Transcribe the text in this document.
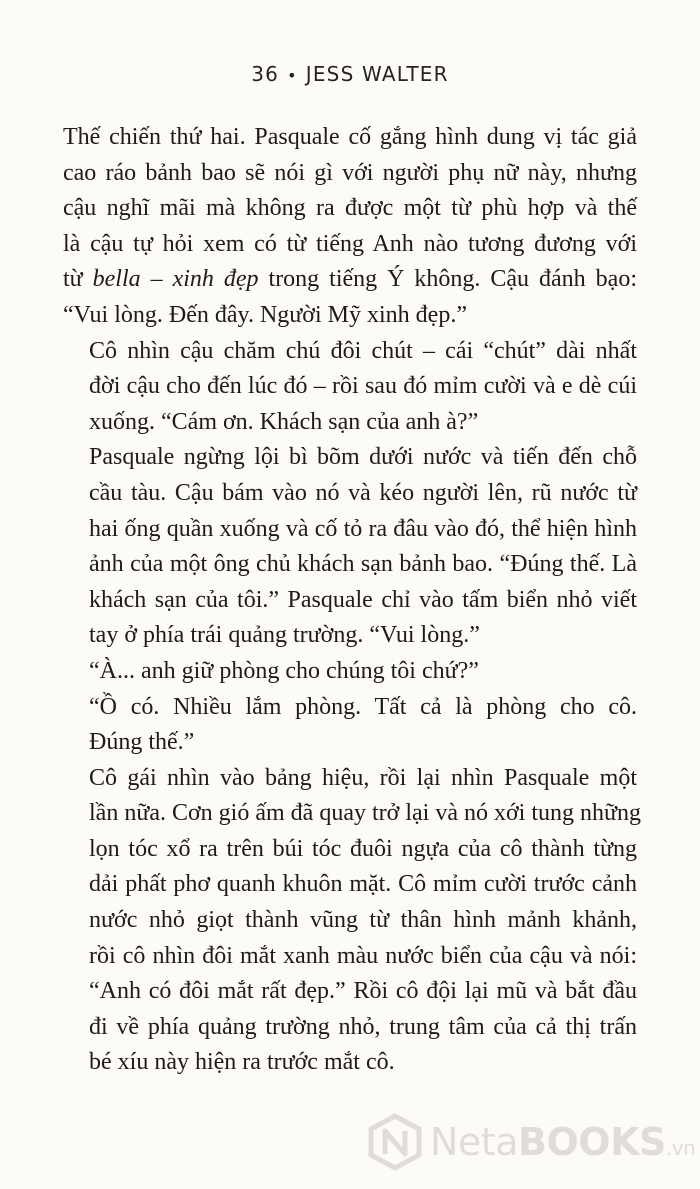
36 • JESS WALTER

Thế chiến thứ hai. Pasquale cố gắng hình dung vị tác giả
cao ráo bảnh bao sẽ nói gì với người phụ nữ này, nhưng
cậu nghĩ mãi mà không ra được một từ phù hợp và thế
là cậu tự hỏi xem có từ tiếng Anh nào tương đương với
từ bella – xinh đẹp trong tiếng Ý không. Cậu đánh bạo:
“Vui lòng. Đến đây. Người Mỹ xinh đẹp.”

Cô nhìn cậu chăm chú đôi chút – cái “chút” dài nhất
đời cậu cho đến lúc đó – rồi sau đó mỉm cười và e dè cúi
xuống. “Cám ơn. Khách sạn của anh à?”

Pasquale ngừng lội bì bõm dưới nước và tiến đến chỗ
cầu tàu. Cậu bám vào nó và kéo người lên, rũ nước từ
hai ống quần xuống và cố tỏ ra đâu vào đó, thể hiện hình
ảnh của một ông chủ khách sạn bảnh bao. “Đúng thế. Là
khách sạn của tôi.” Pasquale chỉ vào tấm biển nhỏ viết
tay ở phía trái quảng trường. “Vui lòng.”

“À... anh giữ phòng cho chúng tôi chứ?”

“Ồ có. Nhiều lắm phòng. Tất cả là phòng cho cô.
Đúng thế.”

Cô gái nhìn vào bảng hiệu, rồi lại nhìn Pasquale một
lần nữa. Cơn gió ấm đã quay trở lại và nó xới tung những
lọn tóc xổ ra trên búi tóc đuôi ngựa của cô thành từng
dải phất phơ quanh khuôn mặt. Cô mỉm cười trước cảnh
nước nhỏ giọt thành vũng từ thân hình mảnh khảnh,
rồi cô nhìn đôi mắt xanh màu nước biển của cậu và nói:
“Anh có đôi mắt rất đẹp.” Rồi cô đội lại mũ và bắt đầu
đi về phía quảng trường nhỏ, trung tâm của cả thị trấn
bé xíu này hiện ra trước mắt cô.

NetaBOOKS.vn
